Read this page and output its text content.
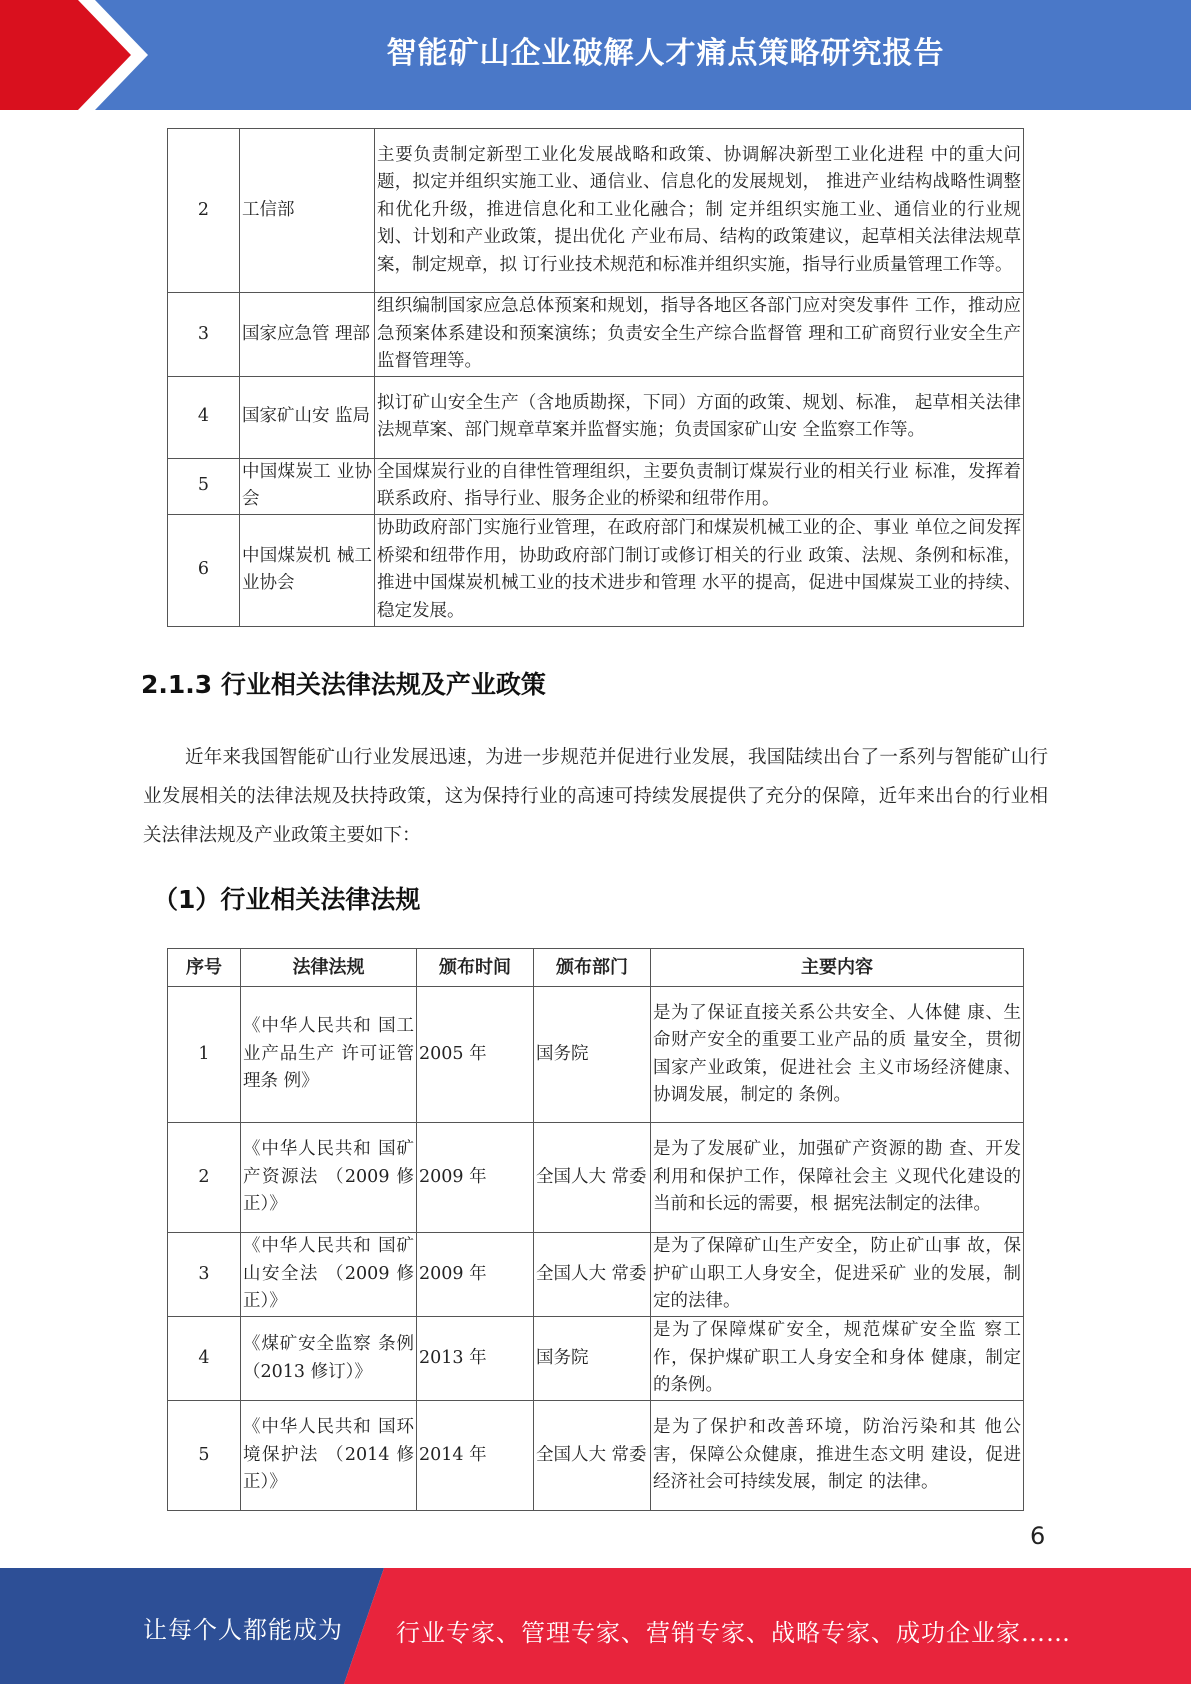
智能矿山企业破解人才痛点策略研究报告
2	工信部	主要负责制定新型工业化发展战略和政策、协调解决新型工业化进程 中的重大问题，拟定并组织实施工业、通信业、信息化的发展规划， 推进产业结构战略性调整和优化升级，推进信息化和工业化融合；制 定并组织实施工业、通信业的行业规划、计划和产业政策，提出优化 产业布局、结构的政策建议，起草相关法律法规草案，制定规章，拟 订行业技术规范和标准并组织实施，指导行业质量管理工作等。
3	国家应急管 理部	组织编制国家应急总体预案和规划，指导各地区各部门应对突发事件 工作，推动应急预案体系建设和预案演练；负责安全生产综合监督管 理和工矿商贸行业安全生产监督管理等。
4	国家矿山安 监局	拟订矿山安全生产（含地质勘探，下同）方面的政策、规划、标准， 起草相关法律法规草案、部门规章草案并监督实施；负责国家矿山安 全监察工作等。
5	中国煤炭工 业协会	全国煤炭行业的自律性管理组织，主要负责制订煤炭行业的相关行业 标准，发挥着联系政府、指导行业、服务企业的桥梁和纽带作用。
6	中国煤炭机 械工业协会	协助政府部门实施行业管理，在政府部门和煤炭机械工业的企、事业 单位之间发挥桥梁和纽带作用，协助政府部门制订或修订相关的行业 政策、法规、条例和标准，推进中国煤炭机械工业的技术进步和管理 水平的提高，促进中国煤炭工业的持续、稳定发展。
2.1.3 行业相关法律法规及产业政策
近年来我国智能矿山行业发展迅速，为进一步规范并促进行业发展，我国陆续出台了一系列与智能矿山行业发展相关的法律法规及扶持政策，这为保持行业的高速可持续发展提供了充分的保障，近年来出台的行业相关法律法规及产业政策主要如下：
（1）行业相关法律法规
序号	法律法规	颁布时间	颁布部门	主要内容
1	《中华人民共和 国工业产品生产 许可证管理条 例》	2005 年	国务院	是为了保证直接关系公共安全、人体健 康、生命财产安全的重要工业产品的质 量安全，贯彻国家产业政策，促进社会 主义市场经济健康、协调发展，制定的 条例。
2	《中华人民共和 国矿产资源法 （2009 修正）》	2009 年	全国人大 常委	是为了发展矿业，加强矿产资源的勘 查、开发利用和保护工作，保障社会主 义现代化建设的当前和长远的需要，根 据宪法制定的法律。
3	《中华人民共和 国矿山安全法 （2009 修正）》	2009 年	全国人大 常委	是为了保障矿山生产安全，防止矿山事 故，保护矿山职工人身安全，促进采矿 业的发展，制定的法律。
4	《煤矿安全监察 条例（2013 修订）》	2013 年	国务院	是为了保障煤矿安全，规范煤矿安全监 察工作，保护煤矿职工人身安全和身体 健康，制定的条例。
5	《中华人民共和 国环境保护法 （2014 修正）》	2014 年	全国人大 常委	是为了保护和改善环境，防治污染和其 他公害，保障公众健康，推进生态文明 建设，促进经济社会可持续发展，制定 的法律。
6
让每个人都能成为 行业专家、管理专家、营销专家、战略专家、成功企业家……
